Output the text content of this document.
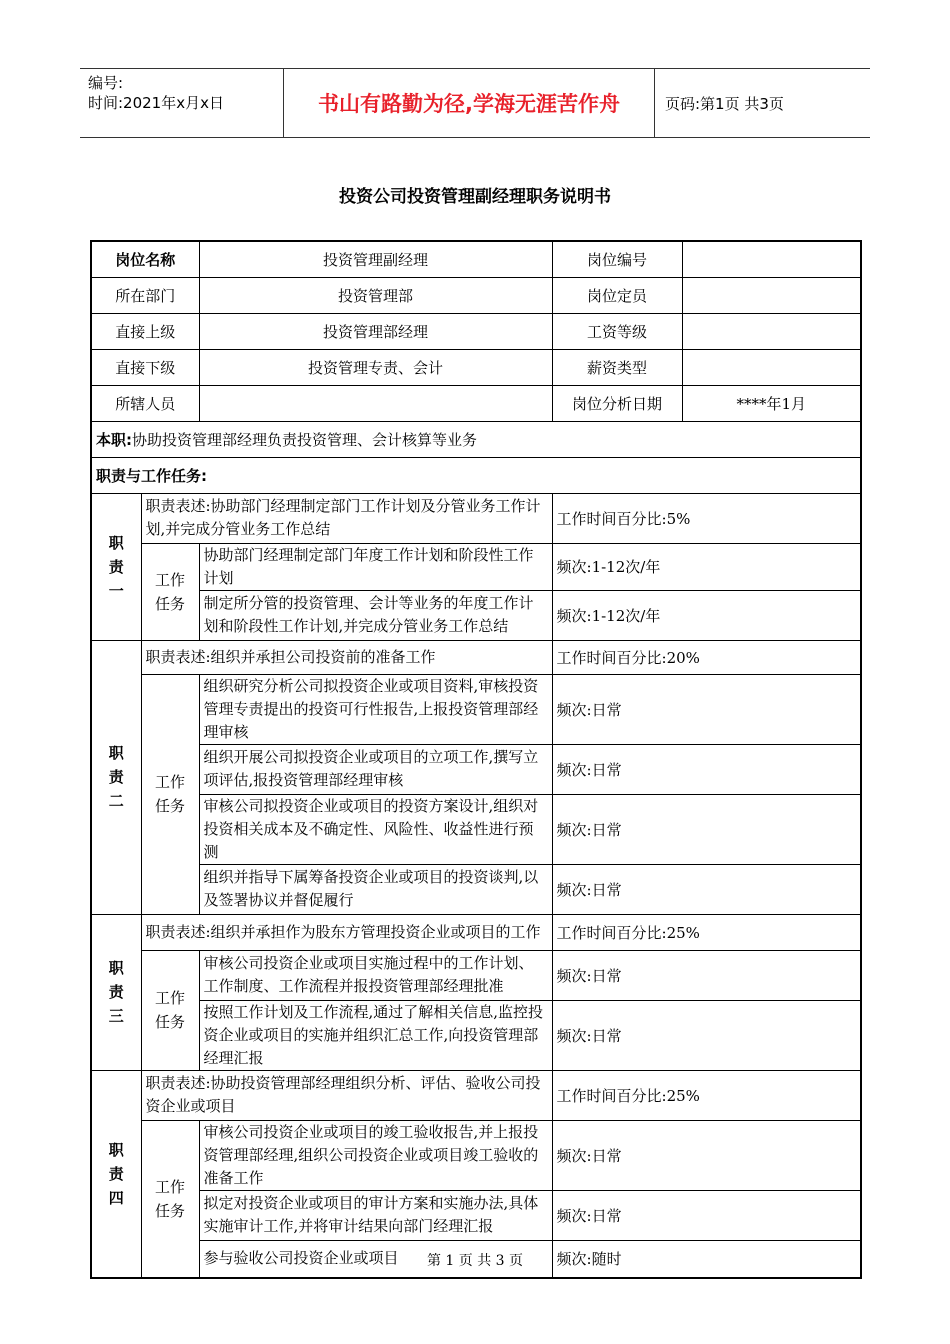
编号:
时间:2021年x月x日	书山有路勤为径,学海无涯苦作舟	页码:第1页 共3页
投资公司投资管理副经理职务说明书
岗位名称		投资管理副经理	岗位编号	
所在部门		投资管理部	岗位定员	
直接上级		投资管理部经理	工资等级	
直接下级		投资管理专责、会计	薪资类型	
所辖人员			岗位分析日期	****年1月
本职:协助投资管理部经理负责投资管理、会计核算等业务				
职责与工作任务:				
职
责
一	职责表述:协助部门经理制定部门工作计划及分管业务工作计划,并完成分管业务工作总结		工作时间百分比:5%	
	工作
任务	协助部门经理制定部门年度工作计划和阶段性工作计划	频次:1-12次/年	
		制定所分管的投资管理、会计等业务的年度工作计划和阶段性工作计划,并完成分管业务工作总结	频次:1-12次/年	
职
责
二	职责表述:组织并承担公司投资前的准备工作		工作时间百分比:20%	
	工作
任务	组织研究分析公司拟投资企业或项目资料,审核投资管理专责提出的投资可行性报告,上报投资管理部经理审核	频次:日常	
		组织开展公司拟投资企业或项目的立项工作,撰写立项评估,报投资管理部经理审核	频次:日常	
		审核公司拟投资企业或项目的投资方案设计,组织对投资相关成本及不确定性、风险性、收益性进行预测	频次:日常	
		组织并指导下属筹备投资企业或项目的投资谈判,以及签署协议并督促履行	频次:日常	
职
责
三	职责表述:组织并承担作为股东方管理投资企业或项目的工作		工作时间百分比:25%	
	工作
任务	审核公司投资企业或项目实施过程中的工作计划、工作制度、工作流程并报投资管理部经理批准	频次:日常	
		按照工作计划及工作流程,通过了解相关信息,监控投资企业或项目的实施并组织汇总工作,向投资管理部经理汇报	频次:日常	
职
责
四	职责表述:协助投资管理部经理组织分析、评估、验收公司投资企业或项目		工作时间百分比:25%	
	工作
任务	审核公司投资企业或项目的竣工验收报告,并上报投资管理部经理,组织公司投资企业或项目竣工验收的准备工作	频次:日常	
		拟定对投资企业或项目的审计方案和实施办法,具体实施审计工作,并将审计结果向部门经理汇报	频次:日常	
		参与验收公司投资企业或项目	频次:随时	
第 1 页 共 3 页
